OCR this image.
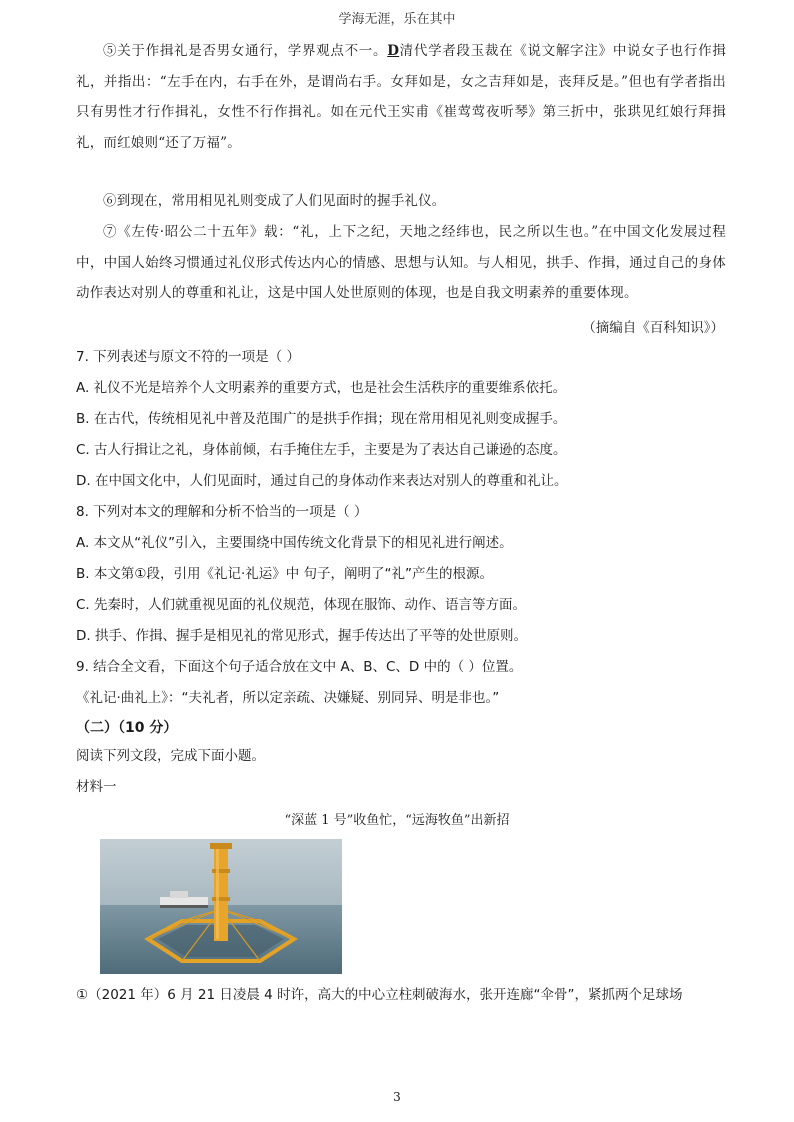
学海无涯，乐在其中
⑤关于作揖礼是否男女通行，学界观点不一。D清代学者段玉裁在《说文解字注》中说女子也行作揖礼，并指出：“左手在内，右手在外，是谓尚右手。女拜如是，女之吉拜如是，丧拜反是。”但也有学者指出只有男性才行作揖礼，女性不行作揖礼。如在元代王实甫《崔莺莺夜听琴》第三折中，张珙见红娘行拜揖礼，而红娘则“还了万福”。
⑥到现在，常用相见礼则变成了人们见面时的握手礼仪。
⑦《左传·昭公二十五年》载：“礼，上下之纪，天地之经纬也，民之所以生也。”在中国文化发展过程中，中国人始终习惯通过礼仪形式传达内心的情感、思想与认知。与人相见，拱手、作揖，通过自己的身体动作表达对别人的尊重和礼让，这是中国人处世原则的体现，也是自我文明素养的重要体现。
（摘编自《百科知识》）
7. 下列表述与原文不符的一项是（ ）
A. 礼仪不光是培养个人文明素养的重要方式，也是社会生活秩序的重要维系依托。
B. 在古代，传统相见礼中普及范围广的是拱手作揖；现在常用相见礼则变成握手。
C. 古人行揖让之礼，身体前倾，右手掩住左手，主要是为了表达自己谦逊的态度。
D. 在中国文化中，人们见面时，通过自己的身体动作来表达对别人的尊重和礼让。
8. 下列对本文的理解和分析不恰当的一项是（ ）
A. 本文从“礼仪”引入，主要围绕中国传统文化背景下的相见礼进行阐述。
B. 本文第①段，引用《礼记·礼运》中 句子，阐明了“礼”产生的根源。
C. 先秦时，人们就重视见面的礼仪规范，体现在服饰、动作、语言等方面。
D. 拱手、作揖、握手是相见礼的常见形式，握手传达出了平等的处世原则。
9. 结合全文看，下面这个句子适合放在文中 A、B、C、D 中的（ ）位置。
《礼记·曲礼上》：“夫礼者，所以定亲疏、决嫌疑、别同异、明是非也。”
（二）（10 分）
阅读下列文段，完成下面小题。
材料一
“深蓝 1 号”收鱼忙，“远海牧鱼”出新招
①（2021 年）6 月 21 日凌晨 4 时许，高大的中心立柱刺破海水，张开连廊“伞骨”，紧抓两个足球场
3
